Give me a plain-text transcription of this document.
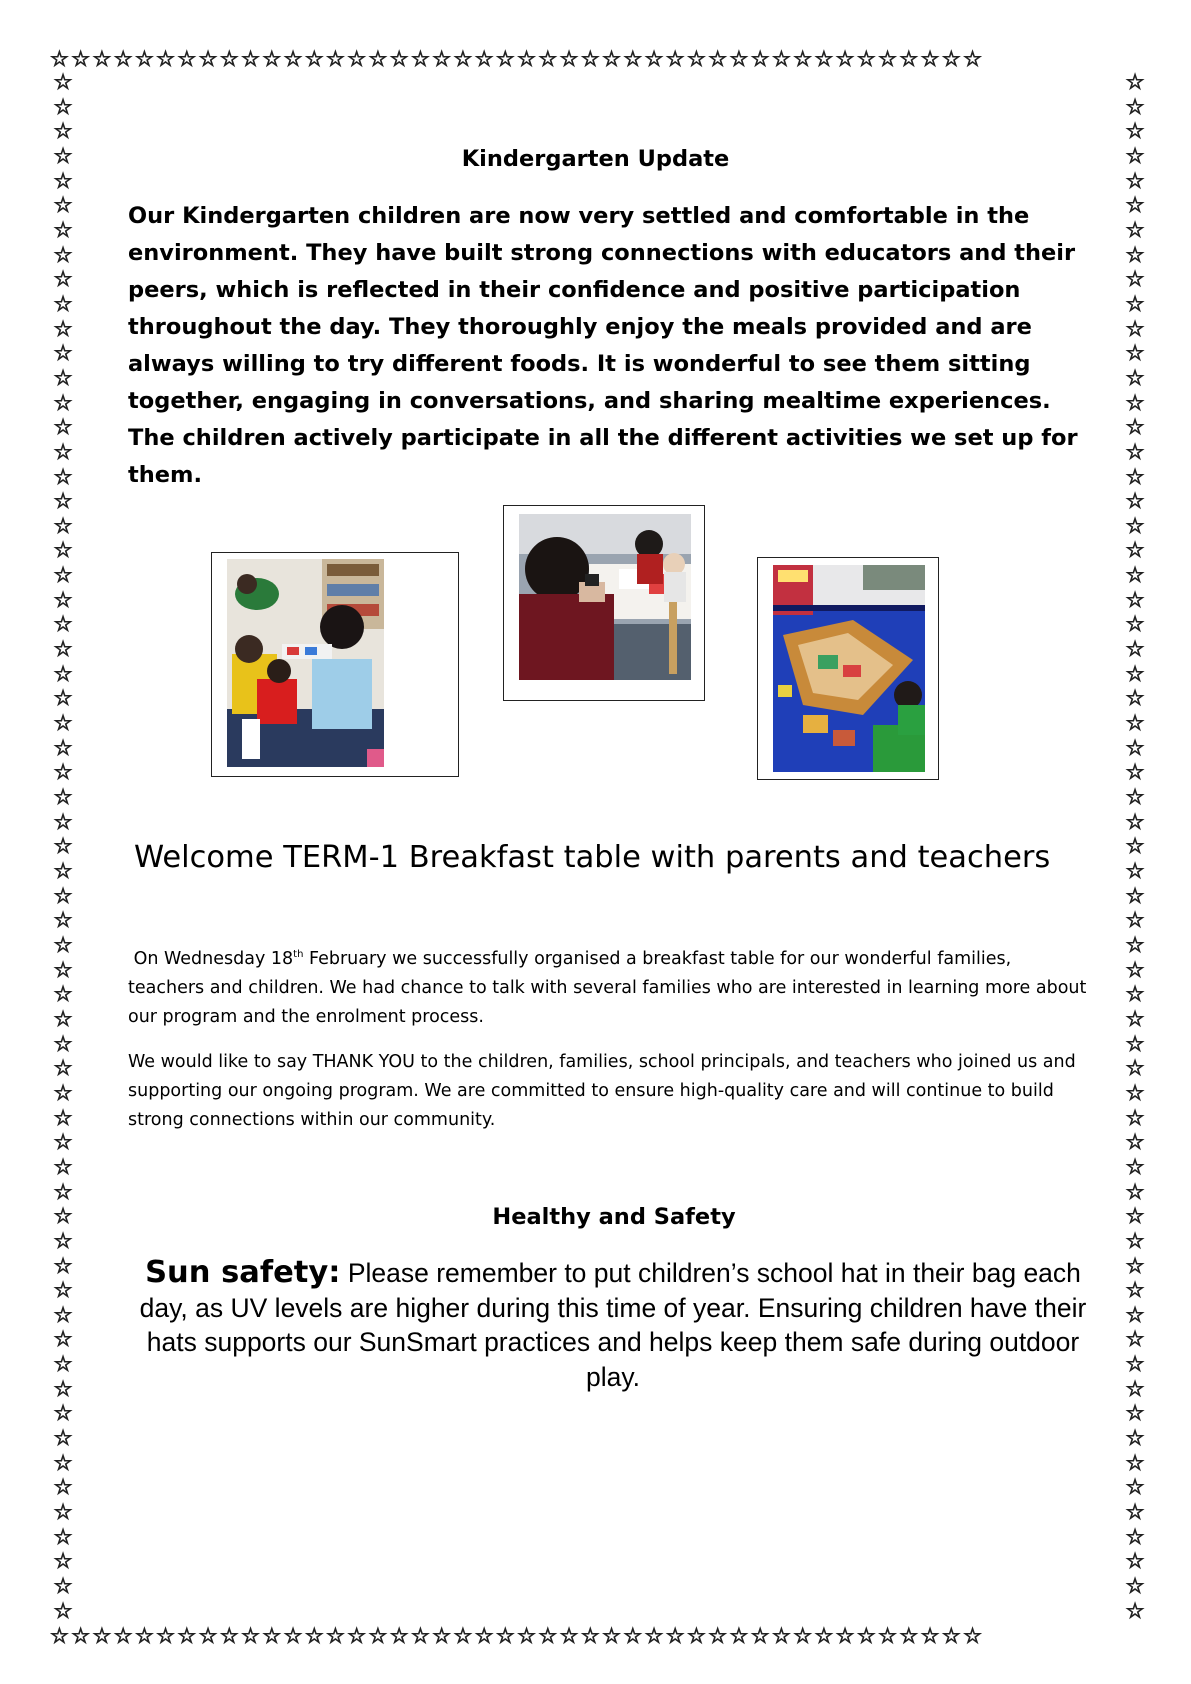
☆☆☆☆☆☆☆☆☆☆☆☆☆☆☆☆☆☆☆☆☆☆☆☆☆☆☆☆☆☆☆☆☆☆☆☆☆☆☆☆☆☆☆☆
☆☆☆☆☆☆☆☆☆☆☆☆☆☆☆☆☆☆☆☆☆☆☆☆☆☆☆☆☆☆☆☆☆☆☆☆☆☆☆☆☆☆☆☆
☆
☆
☆
☆
☆
☆
☆
☆
☆
☆
☆
☆
☆
☆
☆
☆
☆
☆
☆
☆
☆
☆
☆
☆
☆
☆
☆
☆
☆
☆
☆
☆
☆
☆
☆
☆
☆
☆
☆
☆
☆
☆
☆
☆
☆
☆
☆
☆
☆
☆
☆
☆
☆
☆
☆
☆
☆
☆
☆
☆
☆
☆
☆
☆
☆
☆
☆
☆
☆
☆
☆
☆
☆
☆
☆
☆
☆
☆
☆
☆
☆
☆
☆
☆
☆
☆
☆
☆
☆
☆
☆
☆
☆
☆
☆
☆
☆
☆
☆
☆
☆
☆
☆
☆
☆
☆
☆
☆
☆
☆
☆
☆
☆
☆
☆
☆
☆
☆
☆
☆
☆
☆
☆
☆
☆
☆
Kindergarten Update

Our Kindergarten children are now very settled and comfortable in the environment. They have built strong connections with educators and their peers, which is reflected in their confidence and positive participation throughout the day. They thoroughly enjoy the meals provided and are always willing to try different foods. It is wonderful to see them sitting together, engaging in conversations, and sharing mealtime experiences. The children actively participate in all the different activities we set up for them.

Welcome TERM-1 Breakfast table with parents and teachers

On Wednesday 18th February we successfully organised a breakfast table for our wonderful families, teachers and children. We had chance to talk with several families who are interested in learning more about our program and the enrolment process.

We would like to say THANK YOU to the children, families, school principals, and teachers who joined us and supporting our ongoing program. We are committed to ensure high-quality care and will continue to build strong connections within our community.

Healthy and Safety

Sun safety: Please remember to put children’s school hat in their bag each day, as UV levels are higher during this time of year. Ensuring children have their hats supports our SunSmart practices and helps keep them safe during outdoor play.
